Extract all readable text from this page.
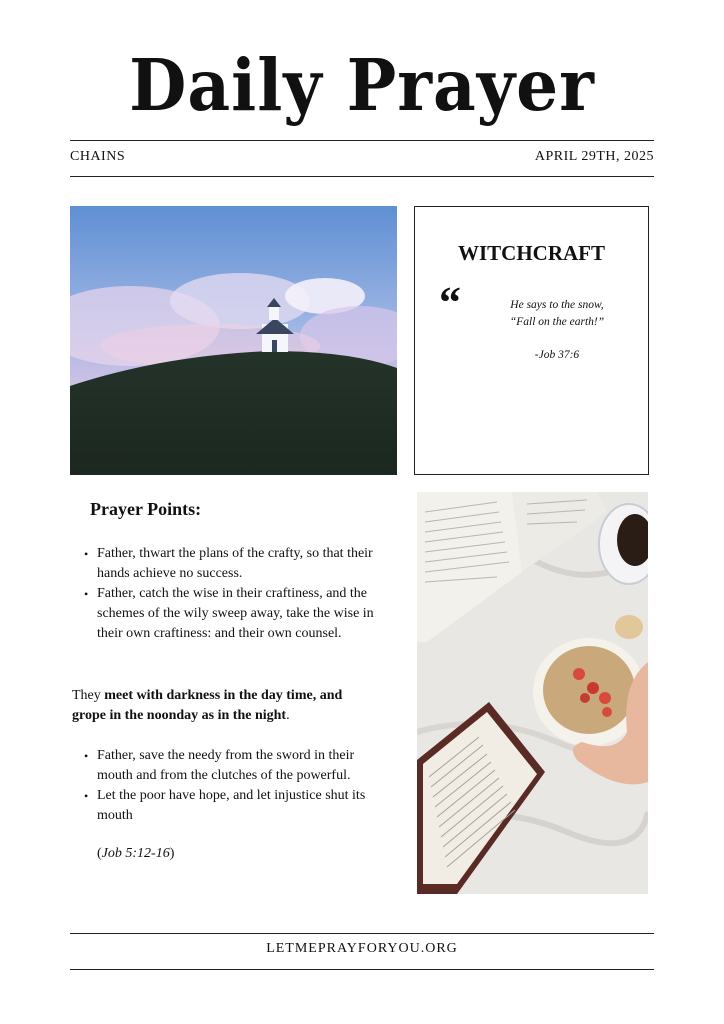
Daily Prayer
CHAINS	APRIL 29TH, 2025
WITCHCRAFT
“	He says to the snow,
“Fall on the earth!”
-Job 37:6
Prayer Points:
• Father, thwart the plans of the crafty, so that their hands achieve no success.
• Father, catch the wise in their craftiness, and the schemes of the wily sweep away, take the wise in their own craftiness: and their own counsel.
They meet with darkness in the day time, and grope in the noonday as in the night.
• Father, save the needy from the sword in their mouth and from the clutches of the powerful.
• Let the poor have hope, and let injustice shut its mouth
(Job 5:12-16)
LETMEPRAYFORYOU.ORG
